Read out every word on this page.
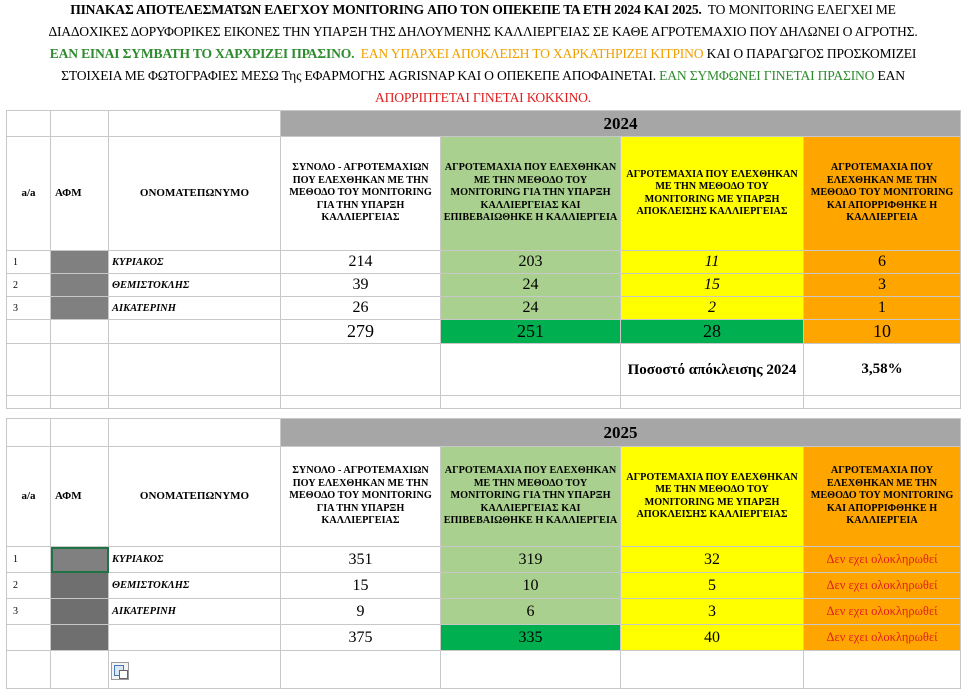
ΠΙΝΑΚΑΣ ΑΠΟΤΕΛΕΣΜΑΤΩΝ ΕΛΕΓΧΟΥ MONITORING ΑΠΟ ΤΟΝ ΟΠΕΚΕΠΕ ΤΑ ΕΤΗ 2024 ΚΑΙ 2025. ΤΟ MONITORING ΕΛΕΓΧΕΙ ΜΕ
ΔΙΑΔΟΧΙΚΕΣ ΔΟΡΥΦΟΡΙΚΕΣ ΕΙΚΟΝΕΣ ΤΗΝ ΥΠΑΡΞΗ ΤΗΣ ΔΗΛΟΥΜΕΝΗΣ ΚΑΛΛΙΕΡΓΕΙΑΣ ΣΕ ΚΑΘΕ ΑΓΡΟΤΕΜΑΧΙΟ ΠΟΥ ΔΗΛΩΝΕΙ Ο ΑΓΡΟΤΗΣ.
ΕΑΝ ΕΙΝΑΙ ΣΥΜΒΑΤΗ ΤΟ ΧΑΡΧΡΙΖΕΙ ΠΡΑΣΙΝΟ. ΕΑΝ ΥΠΑΡΧΕΙ ΑΠΟΚΛΕΙΣΗ ΤΟ ΧΑΡΚΑΤΗΡΙΖΕΙ ΚΙΤΡΙΝΟ ΚΑΙ Ο ΠΑΡΑΓΩΓΟΣ ΠΡΟΣΚΟΜΙΖΕΙ
ΣΤΟΙΧΕΙΑ ΜΕ ΦΩΤΟΓΡΑΦΙΕΣ ΜΕΣΩ Της ΕΦΑΡΜΟΓΗΣ AGRISNAP ΚΑΙ Ο ΟΠΕΚΕΠΕ ΑΠΟΦΑΙΝΕΤΑΙ. ΕΑΝ ΣΥΜΦΩΝΕΙ ΓΙΝΕΤΑΙ ΠΡΑΣΙΝΟ ΕΑΝ
ΑΠΟΡΡΙΠΤΕΤΑΙ ΓΙΝΕΤΑΙ ΚΟΚΚΙΝΟ.
			2024			
a/a	ΑΦΜ	ΟΝΟΜΑΤΕΠΩΝΥΜΟ	ΣΥΝΟΛΟ - ΑΓΡΟΤΕΜΑΧΙΩΝ ΠΟΥ ΕΛΕΧΘΗΚΑΝ ΜΕ ΤΗΝ ΜΕΘΟΔΟ ΤΟΥ MONITORING ΓΙΑ ΤΗΝ ΥΠΑΡΞΗ ΚΑΛΛΙΕΡΓΕΙΑΣ	ΑΓΡΟΤΕΜΑΧΙΑ ΠΟΥ ΕΛΕΧΘΗΚΑΝ ΜΕ ΤΗΝ ΜΕΘΟΔΟ ΤΟΥ MONITORING ΓΙΑ ΤΗΝ ΥΠΑΡΞΗ ΚΑΛΛΙΕΡΓΕΙΑΣ ΚΑΙ ΕΠΙΒΕΒΑΙΩΘΗΚΕ Η ΚΑΛΛΙΕΡΓΕΙΑ	ΑΓΡΟΤΕΜΑΧΙΑ ΠΟΥ ΕΛΕΧΘΗΚΑΝ ΜΕ ΤΗΝ ΜΕΘΟΔΟ ΤΟΥ MONITORING ΜΕ ΥΠΑΡΞΗ ΑΠΟΚΛΕΙΣΗΣ ΚΑΛΛΙΕΡΓΕΙΑΣ	ΑΓΡΟΤΕΜΑΧΙΑ ΠΟΥ ΕΛΕΧΘΗΚΑΝ ΜΕ ΤΗΝ ΜΕΘΟΔΟ ΤΟΥ MONITORING ΚΑΙ ΑΠΟΡΡΙΦΘΗΚΕ Η ΚΑΛΛΙΕΡΓΕΙΑ
1		ΚΥΡΙΑΚΟΣ	214	203	11	6
2		ΘΕΜΙΣΤΟΚΛΗΣ	39	24	15	3
3		ΑΙΚΑΤΕΡΙΝΗ	26	24	2	1
			279	251	28	10
					Ποσοστό απόκλεισης 2024	3,58%

			2025			
a/a	ΑΦΜ	ΟΝΟΜΑΤΕΠΩΝΥΜΟ	ΣΥΝΟΛΟ - ΑΓΡΟΤΕΜΑΧΙΩΝ ΠΟΥ ΕΛΕΧΘΗΚΑΝ ΜΕ ΤΗΝ ΜΕΘΟΔΟ ΤΟΥ MONITORING ΓΙΑ ΤΗΝ ΥΠΑΡΞΗ ΚΑΛΛΙΕΡΓΕΙΑΣ	ΑΓΡΟΤΕΜΑΧΙΑ ΠΟΥ ΕΛΕΧΘΗΚΑΝ ΜΕ ΤΗΝ ΜΕΘΟΔΟ ΤΟΥ MONITORING ΓΙΑ ΤΗΝ ΥΠΑΡΞΗ ΚΑΛΛΙΕΡΓΕΙΑΣ ΚΑΙ ΕΠΙΒΕΒΑΙΩΘΗΚΕ Η ΚΑΛΛΙΕΡΓΕΙΑ	ΑΓΡΟΤΕΜΑΧΙΑ ΠΟΥ ΕΛΕΧΘΗΚΑΝ ΜΕ ΤΗΝ ΜΕΘΟΔΟ ΤΟΥ MONITORING ΜΕ ΥΠΑΡΞΗ ΑΠΟΚΛΕΙΣΗΣ ΚΑΛΛΙΕΡΓΕΙΑΣ	ΑΓΡΟΤΕΜΑΧΙΑ ΠΟΥ ΕΛΕΧΘΗΚΑΝ ΜΕ ΤΗΝ ΜΕΘΟΔΟ ΤΟΥ MONITORING ΚΑΙ ΑΠΟΡΡΙΦΘΗΚΕ Η ΚΑΛΛΙΕΡΓΕΙΑ
1		ΚΥΡΙΑΚΟΣ	351	319	32	Δεν εχει ολοκληρωθεί
2		ΘΕΜΙΣΤΟΚΛΗΣ	15	10	5	Δεν εχει ολοκληρωθεί
3		ΑΙΚΑΤΕΡΙΝΗ	9	6	3	Δεν εχει ολοκληρωθεί
			375	335	40	Δεν εχει ολοκληρωθεί
